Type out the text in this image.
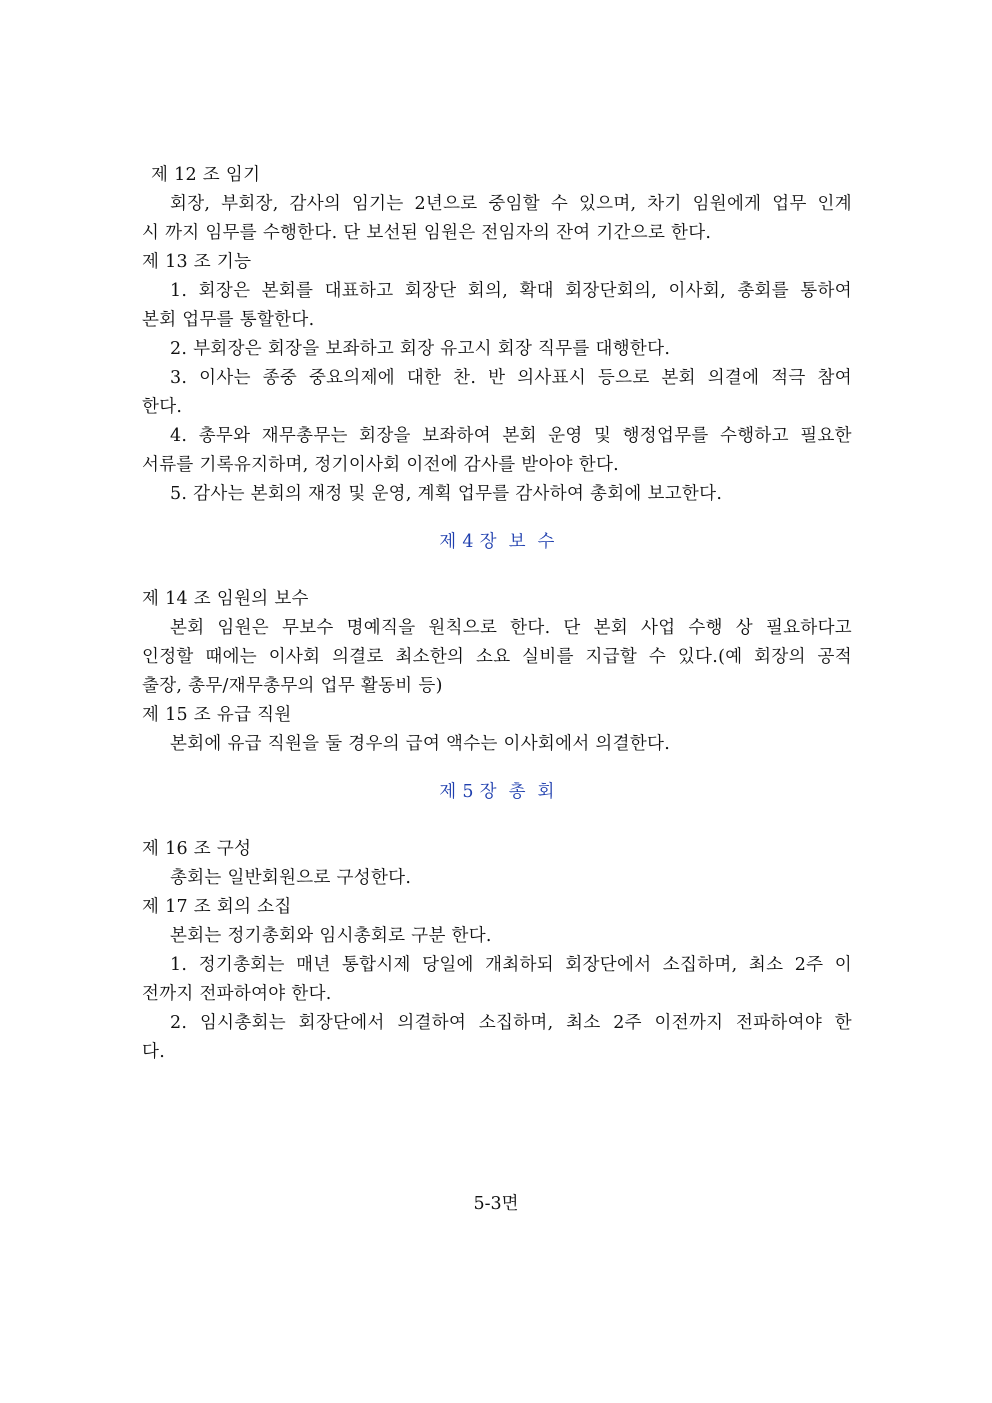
제 12 조 임기
회장, 부회장, 감사의 임기는 2년으로 중임할 수 있으며, 차기 임원에게 업무 인계
시 까지 임무를 수행한다. 단 보선된 임원은 전임자의 잔여 기간으로 한다.
제 13 조 기능
1. 회장은 본회를 대표하고 회장단 회의, 확대 회장단회의, 이사회, 총회를 통하여
본회 업무를 통할한다.
2. 부회장은 회장을 보좌하고 회장 유고시 회장 직무를 대행한다.
3. 이사는 종중 중요의제에 대한 찬. 반 의사표시 등으로 본회 의결에 적극 참여
한다.
4. 총무와 재무총무는 회장을 보좌하여 본회 운영 및 행정업무를 수행하고 필요한
서류를 기록유지하며, 정기이사회 이전에 감사를 받아야 한다.
5. 감사는 본회의 재정 및 운영, 계획 업무를 감사하여 총회에 보고한다.
제 4 장  보  수
제 14 조 임원의 보수
본회 임원은 무보수 명예직을 원칙으로 한다. 단 본회 사업 수행 상 필요하다고
인정할 때에는 이사회 의결로 최소한의 소요 실비를 지급할 수 있다.(예 회장의 공적
출장, 총무/재무총무의 업무 활동비 등)
제 15 조 유급 직원
본회에 유급 직원을 둘 경우의 급여 액수는 이사회에서 의결한다.
제 5 장  총  회
제 16 조 구성
총회는 일반회원으로 구성한다.
제 17 조 회의 소집
본회는 정기총회와 임시총회로 구분 한다.
1. 정기총회는 매년 통합시제 당일에 개최하되 회장단에서 소집하며, 최소 2주 이
전까지 전파하여야 한다.
2. 임시총회는 회장단에서 의결하여 소집하며, 최소 2주 이전까지 전파하여야 한
다.
5-3면
